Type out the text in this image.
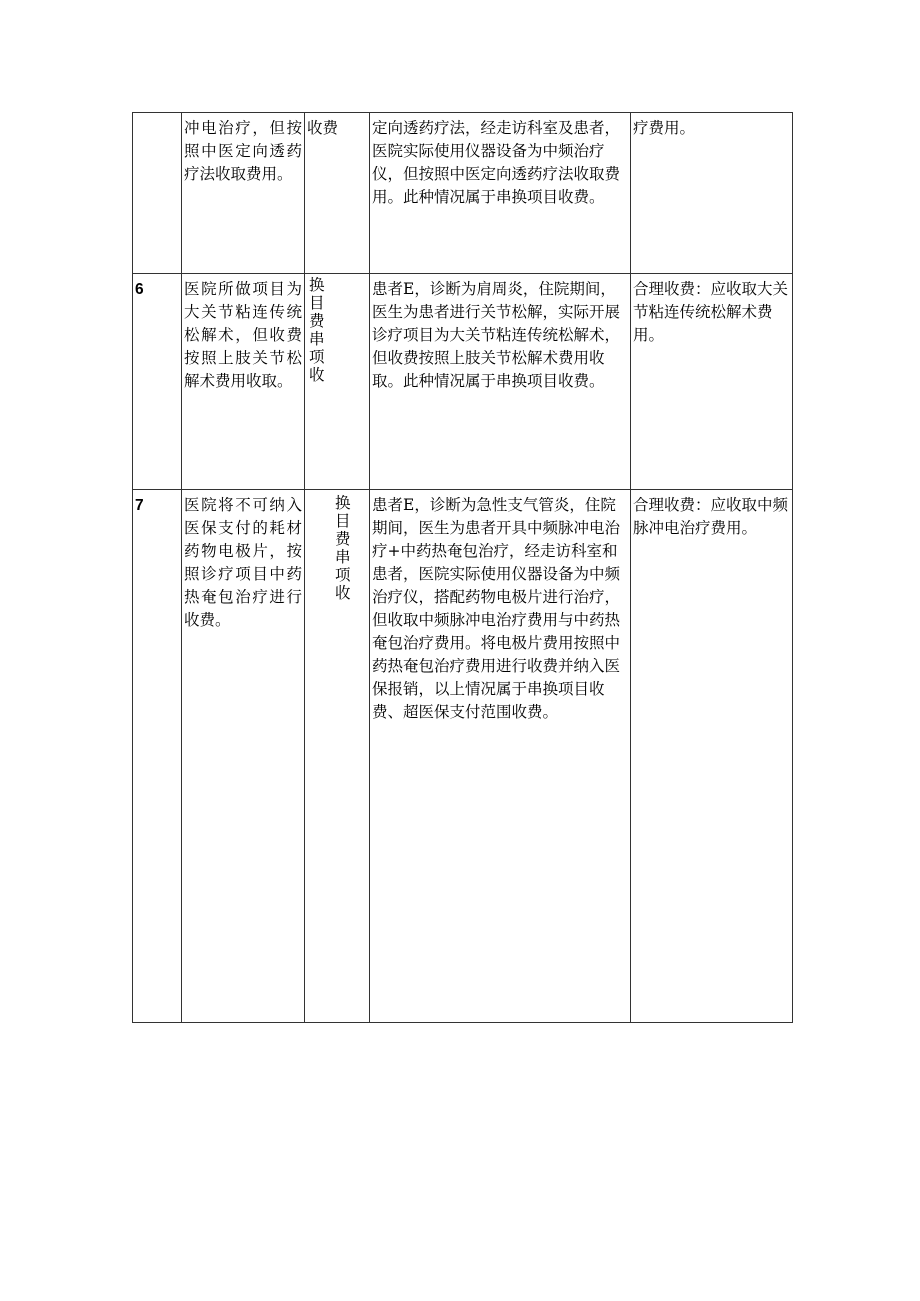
	冲电治疗，但按照中医定向透药疗法收取费用。	收费	定向透药疗法，经走访科室及患者，医院实际使用仪器设备为中频治疗仪，但按照中医定向透药疗法收取费用。此种情况属于串换项目收费。	疗费用。
6	医院所做项目为大关节粘连传统松解术，但收费按照上肢关节松解术费用收取。	换目费串项收	患者E，诊断为肩周炎，住院期间，医生为患者进行关节松解，实际开展诊疗项目为大关节粘连传统松解术，但收费按照上肢关节松解术费用收取。此种情况属于串换项目收费。	合理收费：应收取大关节粘连传统松解术费用。
7	医院将不可纳入医保支付的耗材药物电极片，按照诊疗项目中药热奄包治疗进行收费。	换目费串项收	患者E，诊断为急性支气管炎，住院期间，医生为患者开具中频脉冲电治疗+中药热奄包治疗，经走访科室和患者，医院实际使用仪器设备为中频治疗仪，搭配药物电极片进行治疗，但收取中频脉冲电治疗费用与中药热奄包治疗费用。将电极片费用按照中药热奄包治疗费用进行收费并纳入医保报销，以上情况属于串换项目收费、超医保支付范围收费。	合理收费：应收取中频脉冲电治疗费用。
